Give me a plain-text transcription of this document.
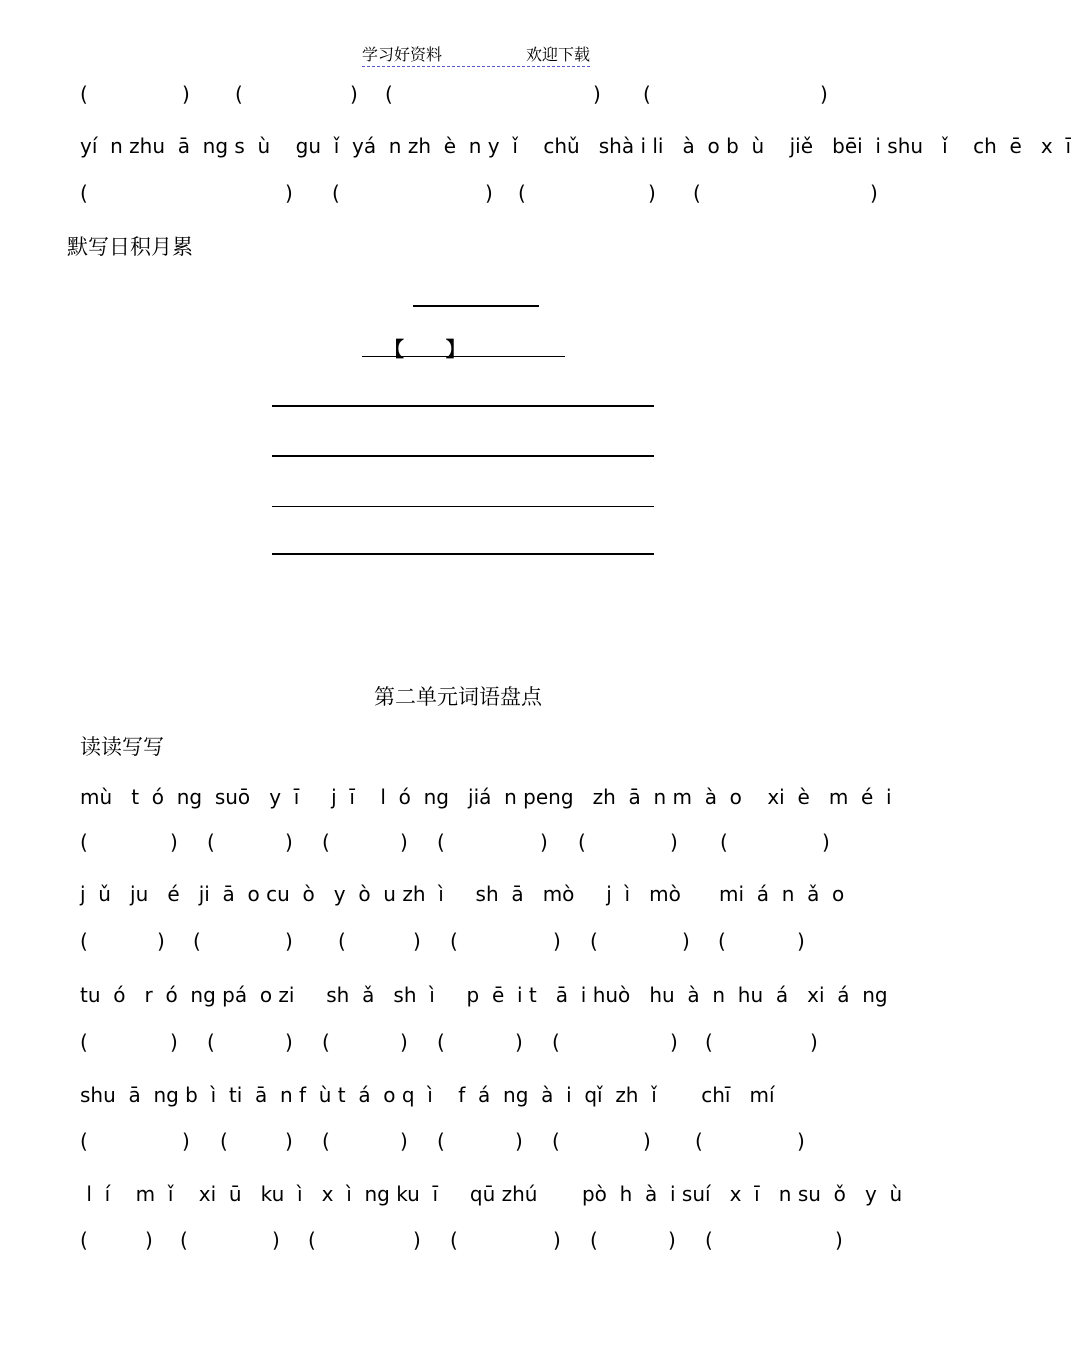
学习好资料	欢迎下载
(	) (	) (	) (	)
yí  n zhu  ā  ng s  ù    gu  ǐ  yá  n zh  è  n y  ǐ    chǔ   shà i li   à  o b  ù    jiě   bēi  i shu   ǐ    ch  ē   x  ī
(	) (	) (	) (	)
默写日积月累
【      】
第二单元词语盘点
读读写写
mù   t  ó  ng  suō   y  ī     j  ī    l  ó  ng   jiá  n peng   zh  ā  n m  à  o    xi  è   m  é  i
(	) (	) (	) (	) (	) (	)
j  ǔ   ju   é   ji  ā  o cu  ò   y  ò  u zh  ì     sh  ā   mò     j  ì   mò      mi  á  n  ǎ  o
(	) (	) (	) (	) (	) (	)
tu  ó   r  ó  ng pá  o zi     sh  ǎ   sh  ì     p  ē  i t   ā  i huò   hu  à  n  hu  á   xi  á  ng
(	) (	) (	) (	) (	) (	)
shu  ā  ng b  ì  ti  ā  n f  ù t  á  o q  ì    f  á  ng  à  i  qǐ  zh  ǐ       chī   mí
(	) (	) (	) (	) (	) (	)
l  í    m  ǐ    xi  ū   ku  ì   x  ì  ng ku  ī     qū zhú       pò  h  à  i suí   x  ī   n su  ǒ   y  ù
(	) (	) (	) (	) (	) (	)
